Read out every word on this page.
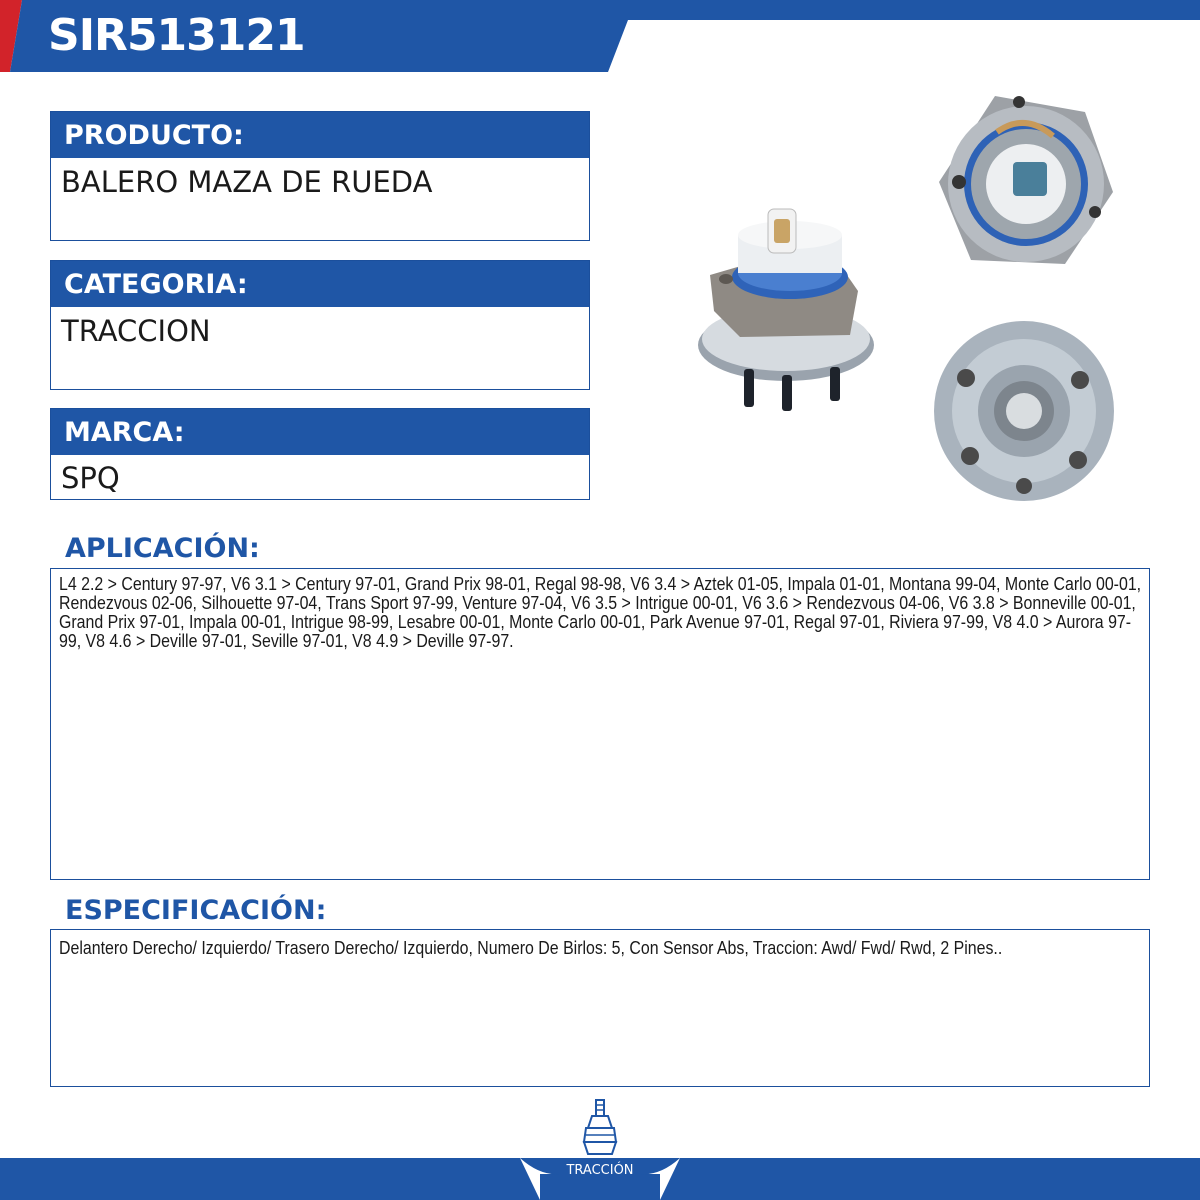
SIR513121
PRODUCTO:
BALERO MAZA DE RUEDA
CATEGORIA:
TRACCION
MARCA:
SPQ
APLICACIÓN:
L4 2.2 > Century 97-97, V6 3.1 > Century 97-01, Grand Prix 98-01, Regal 98-98, V6 3.4 > Aztek 01-05, Impala 01-01, Montana 99-04, Monte Carlo 00-01, Rendezvous 02-06, Silhouette 97-04, Trans Sport 97-99, Venture 97-04, V6 3.5 > Intrigue 00-01, V6 3.6 > Rendezvous 04-06, V6 3.8 > Bonneville 00-01, Grand Prix 97-01, Impala 00-01, Intrigue 98-99, Lesabre 00-01, Monte Carlo 00-01, Park Avenue 97-01, Regal 97-01, Riviera 97-99, V8 4.0 > Aurora 97-99, V8 4.6 > Deville 97-01, Seville 97-01, V8 4.9 > Deville 97-97.
ESPECIFICACIÓN:
Delantero Derecho/ Izquierdo/ Trasero Derecho/ Izquierdo, Numero De Birlos: 5, Con Sensor Abs, Traccion: Awd/ Fwd/ Rwd, 2 Pines..
TRACCIÓN
